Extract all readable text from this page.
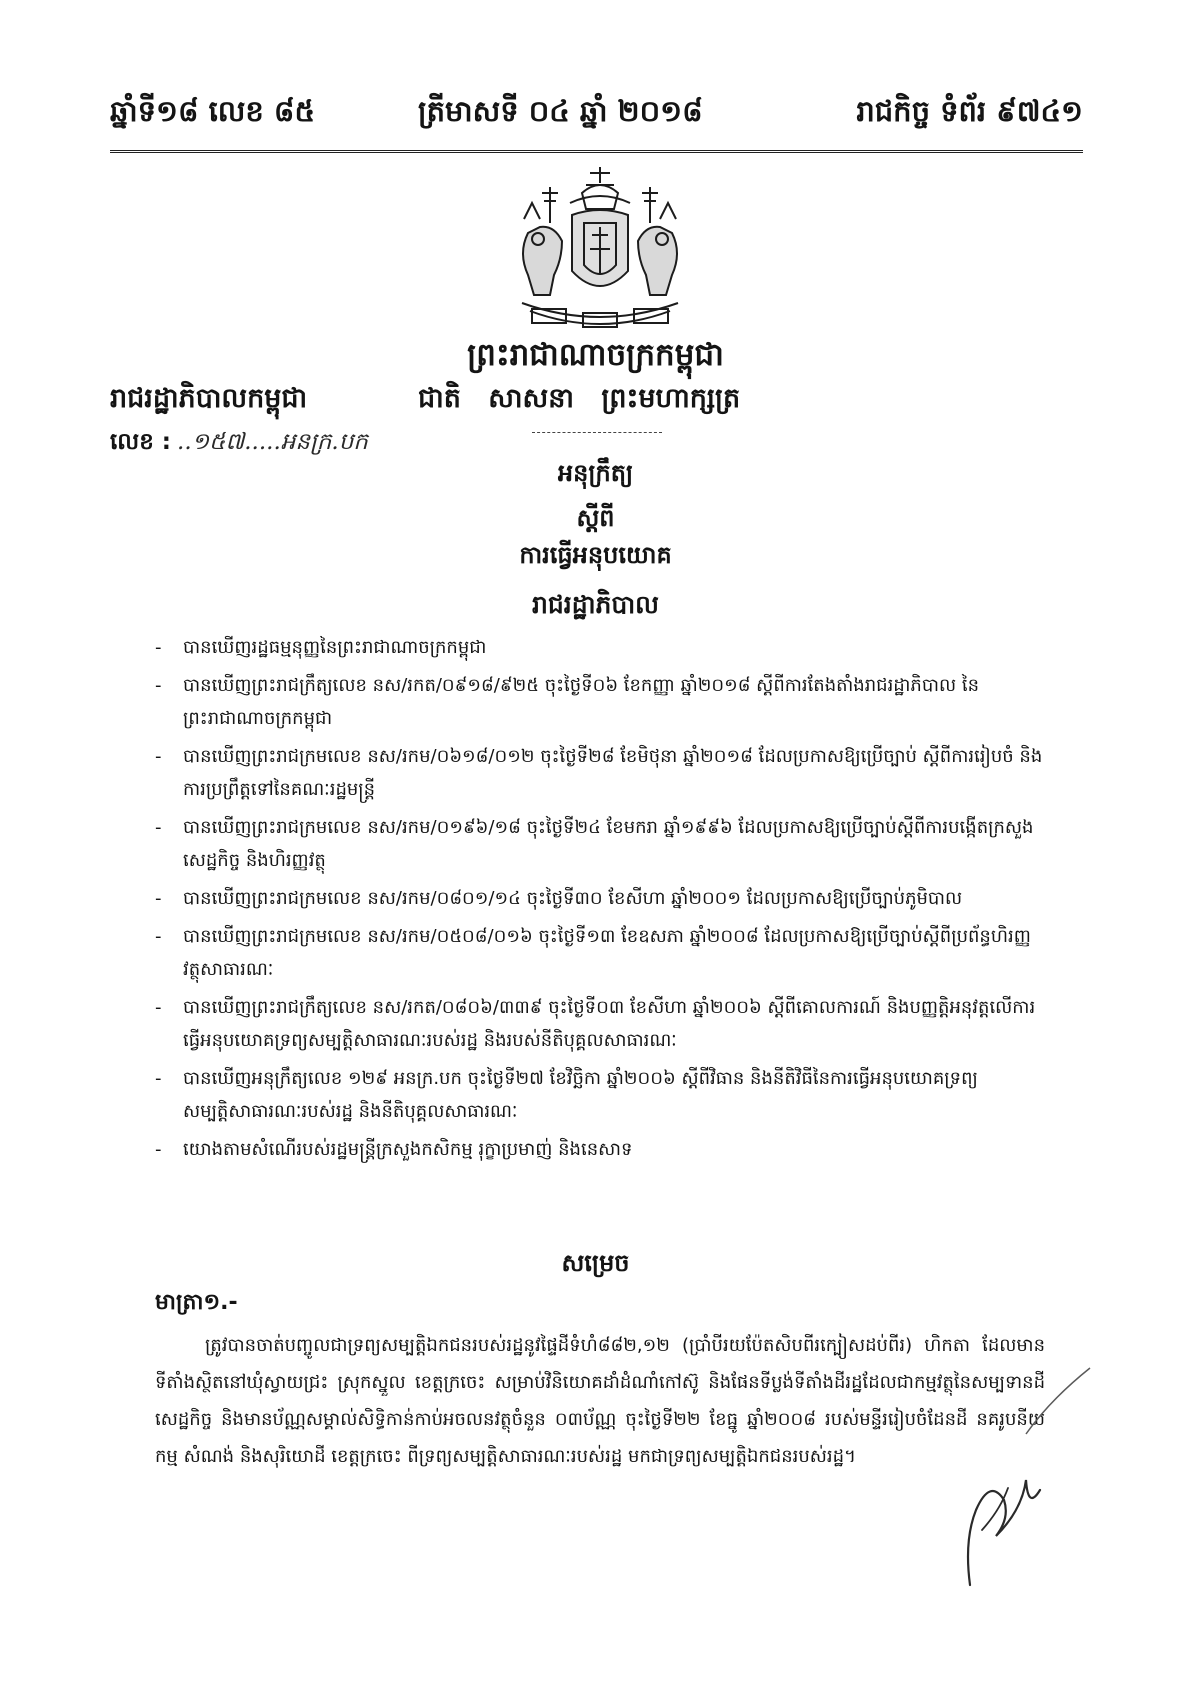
ឆ្នាំទី១៨ លេខ ៨៥	ត្រីមាសទី ០៤ ឆ្នាំ ២០១៨	រាជកិច្ច ទំព័រ ៩៧៤១
ព្រះរាជាណាចក្រកម្ពុជា
រាជរដ្ឋាភិបាលកម្ពុជា	ជាតិ សាសនា ព្រះមហាក្សត្រ
លេខ : ..១៥៧.....អនក្រ.បក
អនុក្រឹត្យ
ស្តីពី
ការធ្វើអនុបយោគ
រាជរដ្ឋាភិបាល
- បានឃើញរដ្ឋធម្មនុញ្ញនៃព្រះរាជាណាចក្រកម្ពុជា
- បានឃើញព្រះរាជក្រឹត្យលេខ នស/រកត/០៩១៨/៩២៥ ចុះថ្ងៃទី០៦ ខែកញ្ញា ឆ្នាំ២០១៨ ស្តីពីការតែងតាំងរាជរដ្ឋាភិបាល នៃព្រះរាជាណាចក្រកម្ពុជា
- បានឃើញព្រះរាជក្រមលេខ នស/រកម/០៦១៨/០១២ ចុះថ្ងៃទី២៨ ខែមិថុនា ឆ្នាំ២០១៨ ដែលប្រកាសឱ្យប្រើច្បាប់ ស្តីពីការរៀបចំ និងការប្រព្រឹត្តទៅនៃគណៈរដ្ឋមន្ត្រី
- បានឃើញព្រះរាជក្រមលេខ នស/រកម/០១៩៦/១៨ ចុះថ្ងៃទី២៤ ខែមករា ឆ្នាំ១៩៩៦ ដែលប្រកាសឱ្យប្រើច្បាប់ស្តីពីការបង្កើតក្រសួងសេដ្ឋកិច្ច និងហិរញ្ញវត្ថុ
- បានឃើញព្រះរាជក្រមលេខ នស/រកម/០៨០១/១៤ ចុះថ្ងៃទី៣០ ខែសីហា ឆ្នាំ២០០១ ដែលប្រកាសឱ្យប្រើច្បាប់ភូមិបាល
- បានឃើញព្រះរាជក្រមលេខ នស/រកម/០៥០៨/០១៦ ចុះថ្ងៃទី១៣ ខែឧសភា ឆ្នាំ២០០៨ ដែលប្រកាសឱ្យប្រើច្បាប់ស្តីពីប្រព័ន្ធហិរញ្ញវត្ថុសាធារណៈ
- បានឃើញព្រះរាជក្រឹត្យលេខ នស/រកត/០៨០៦/៣៣៩ ចុះថ្ងៃទី០៣ ខែសីហា ឆ្នាំ២០០៦ ស្តីពីគោលការណ៍ និងបញ្ញត្តិអនុវត្តលើការធ្វើអនុបយោគទ្រព្យសម្បត្តិសាធារណៈរបស់រដ្ឋ និងរបស់នីតិបុគ្គលសាធារណៈ
- បានឃើញអនុក្រឹត្យលេខ ១២៩ អនក្រ.បក ចុះថ្ងៃទី២៧ ខែវិច្ឆិកា ឆ្នាំ២០០៦ ស្តីពីវិធាន និងនីតិវិធីនៃការធ្វើអនុបយោគទ្រព្យសម្បត្តិសាធារណៈរបស់រដ្ឋ និងនីតិបុគ្គលសាធារណៈ
- យោងតាមសំណើរបស់រដ្ឋមន្ត្រីក្រសួងកសិកម្ម រុក្ខាប្រមាញ់ និងនេសាទ
សម្រេច
មាត្រា១.-
ត្រូវបានចាត់បញ្ចូលជាទ្រព្យសម្បត្តិឯកជនរបស់រដ្ឋនូវផ្ទៃដីទំហំ៨៨២,១២ (ប្រាំបីរយប៉ែតសិបពីរក្បៀសដប់ពីរ) ហិកតា ដែលមានទីតាំងស្ថិតនៅឃុំស្វាយជ្រះ ស្រុកស្នួល ខេត្តក្រចេះ សម្រាប់វិនិយោគដាំដំណាំកៅស៊ូ និងផែនទីប្លង់ទីតាំងដីរដ្ឋដែលជាកម្មវត្ថុនៃសម្បទានដីសេដ្ឋកិច្ច និងមានប័ណ្ណសម្គាល់សិទ្ធិកាន់កាប់អចលនវត្ថុចំនួន ០៣ប័ណ្ណ ចុះថ្ងៃទី២២ ខែធ្នូ ឆ្នាំ២០០៨ របស់មន្ទីររៀបចំដែនដី នគរូបនីយកម្ម សំណង់ និងសុរិយោដី ខេត្តក្រចេះ ពីទ្រព្យសម្បត្តិសាធារណៈរបស់រដ្ឋ មកជាទ្រព្យសម្បត្តិឯកជនរបស់រដ្ឋ។
